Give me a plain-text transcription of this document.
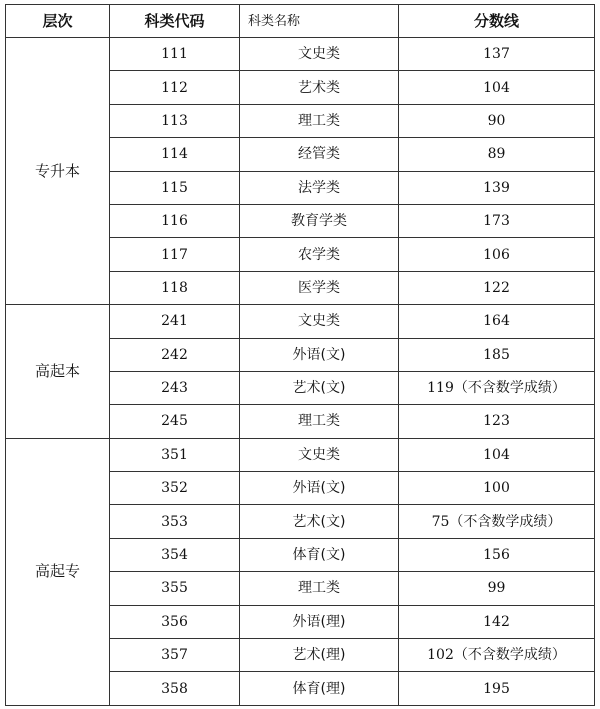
层次	科类代码	科类名称	分数线
专升本	111	文史类	137
	112	艺术类	104
	113	理工类	90
	114	经管类	89
	115	法学类	139
	116	教育学类	173
	117	农学类	106
	118	医学类	122
高起本	241	文史类	164
	242	外语(文)	185
	243	艺术(文)	119（不含数学成绩）
	245	理工类	123
高起专	351	文史类	104
	352	外语(文)	100
	353	艺术(文)	75（不含数学成绩）
	354	体育(文)	156
	355	理工类	99
	356	外语(理)	142
	357	艺术(理)	102（不含数学成绩）
	358	体育(理)	195
